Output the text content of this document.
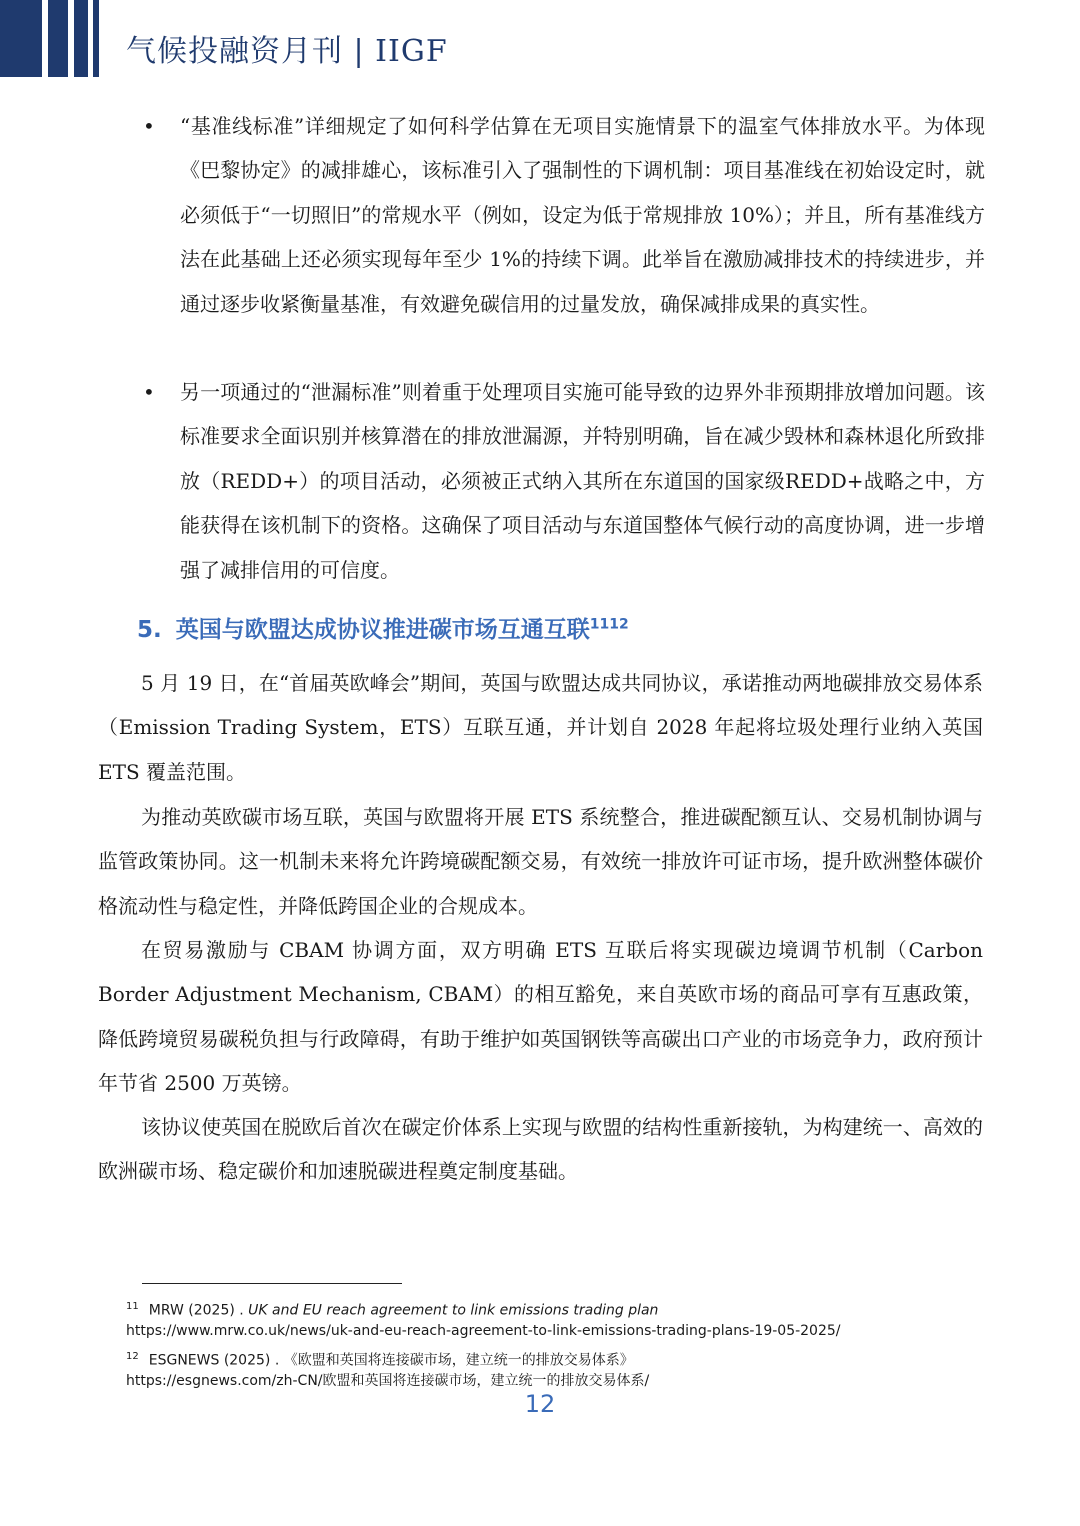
气候投融资月刊 | IIGF
• “基准线标准”详细规定了如何科学估算在无项目实施情景下的温室气体排放水平。为体现《巴黎协定》的减排雄心，该标准引入了强制性的下调机制：项目基准线在初始设定时，就必须低于“一切照旧”的常规水平（例如，设定为低于常规排放 10%）；并且，所有基准线方法在此基础上还必须实现每年至少 1%的持续下调。此举旨在激励减排技术的持续进步，并通过逐步收紧衡量基准，有效避免碳信用的过量发放，确保减排成果的真实性。
• 另一项通过的“泄漏标准”则着重于处理项目实施可能导致的边界外非预期排放增加问题。该标准要求全面识别并核算潜在的排放泄漏源，并特别明确，旨在减少毁林和森林退化所致排放（REDD+）的项目活动，必须被正式纳入其所在东道国的国家级REDD+战略之中，方能获得在该机制下的资格。这确保了项目活动与东道国整体气候行动的高度协调，进一步增强了减排信用的可信度。
5. 英国与欧盟达成协议推进碳市场互通互联$^{1112}$
5 月 19 日，在“首届英欧峰会”期间，英国与欧盟达成共同协议，承诺推动两地碳排放交易体系（Emission Trading System，ETS）互联互通，并计划自 2028 年起将垃圾处理行业纳入英国 ETS 覆盖范围。
为推动英欧碳市场互联，英国与欧盟将开展 ETS 系统整合，推进碳配额互认、交易机制协调与监管政策协同。这一机制未来将允许跨境碳配额交易，有效统一排放许可证市场，提升欧洲整体碳价格流动性与稳定性，并降低跨国企业的合规成本。
在贸易激励与 CBAM 协调方面，双方明确 ETS 互联后将实现碳边境调节机制（Carbon Border Adjustment Mechanism, CBAM）的相互豁免，来自英欧市场的商品可享有互惠政策，降低跨境贸易碳税负担与行政障碍，有助于维护如英国钢铁等高碳出口产业的市场竞争力，政府预计年节省 2500 万英镑。
该协议使英国在脱欧后首次在碳定价体系上实现与欧盟的结构性重新接轨，为构建统一、高效的欧洲碳市场、稳定碳价和加速脱碳进程奠定制度基础。
$^{11}$ MRW (2025) . UK and EU reach agreement to link emissions trading plan
https://www.mrw.co.uk/news/uk-and-eu-reach-agreement-to-link-emissions-trading-plans-19-05-2025/
$^{12}$ ESGNEWS (2025) . 《欧盟和英国将连接碳市场，建立统一的排放交易体系》
https://esgnews.com/zh-CN/欧盟和英国将连接碳市场，建立统一的排放交易体系/
12
